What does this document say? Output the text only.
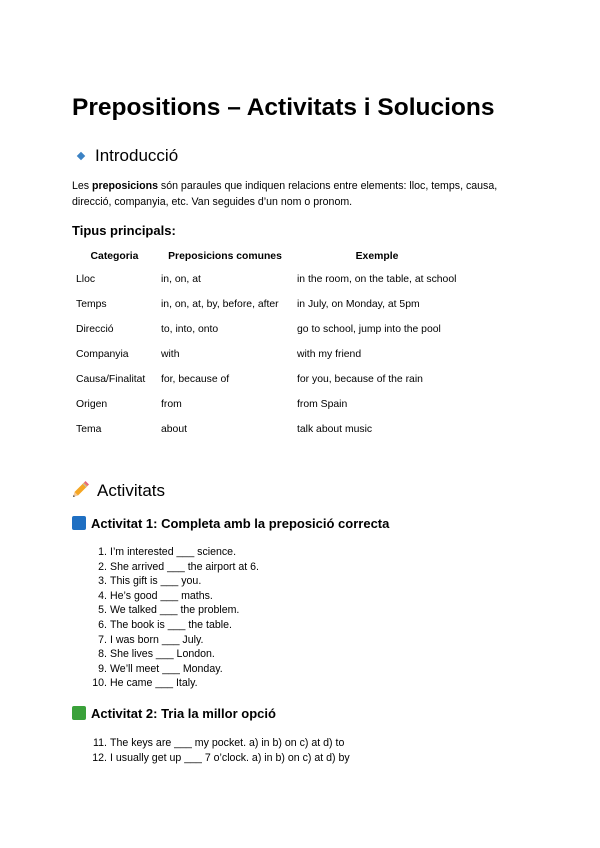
Prepositions – Activitats i Solucions
Introducció

Les preposicions són paraules que indiquen relacions entre elements: lloc, temps, causa, direcció, companyia, etc. Van seguides d’un nom o pronom.

Tipus principals:
Categoria	Preposicions comunes	Exemple
Lloc	in, on, at	in the room, on the table, at school
Temps	in, on, at, by, before, after	in July, on Monday, at 5pm
Direcció	to, into, onto	go to school, jump into the pool
Companyia	with	with my friend
Causa/Finalitat	for, because of	for you, because of the rain
Origen	from	from Spain
Tema	about	talk about music
Activitats
Activitat 1: Completa amb la preposició correcta
1. I’m interested ___ science.
2. She arrived ___ the airport at 6.
3. This gift is ___ you.
4. He’s good ___ maths.
5. We talked ___ the problem.
6. The book is ___ the table.
7. I was born ___ July.
8. She lives ___ London.
9. We’ll meet ___ Monday.
10. He came ___ Italy.
Activitat 2: Tria la millor opció
11. The keys are ___ my pocket. a) in b) on c) at d) to
12. I usually get up ___ 7 o’clock. a) in b) on c) at d) by
